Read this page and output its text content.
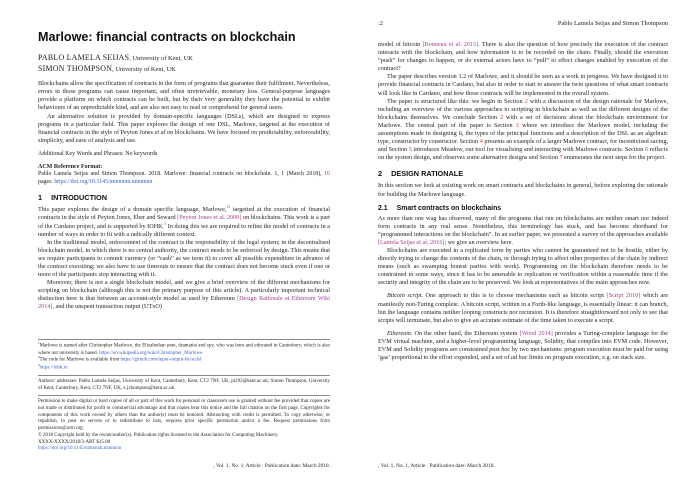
Marlowe: financial contracts on blockchain
PABLO LAMELA SEIJAS, University of Kent, UK
SIMON THOMPSON, University of Kent, UK

Blockchains allow the specification of contracts in the form of programs that guarantee their fulfilment. Nevertheless, errors in those programs can cause important, and often irretrievable, monetary loss. General-purpose languages provide a platform on which contracts can be built, but by their very generality they have the potential to exhibit behaviours of an unpredictable kind, and are also not easy to read or comprehend for general users.

An alternative solution is provided by domain-specific languages (DSLs), which are designed to express programs in a particular field. This paper explores the design of one DSL, Marlowe, targeted at the execution of financial contracts in the style of Peyton Jones et al on blockchains. We have focused on predictability, enforceability, simplicity, and ease of analysis and use.

Additional Key Words and Phrases: No keywords

ACM Reference Format:

Pablo Lamela Seijas and Simon Thompson. 2018. Marlowe: financial contracts on blockchain. 1, 1 (March 2018), 16 pages. https://doi.org/10.1145/nnnnnnn.nnnnnnn

1 INTRODUCTION

This paper explores the design of a domain specific language, Marlowe,$^{12}$ targetted at the execution of financial contracts in the style of Peyton Jones, Eber and Seward [Peyton Jones et al. 2000] on blockchains. This work is a part of the Cardano project, and is supported by IOHK.$^3$ In doing this we are required to refine the model of contracts in a number of ways in order to fit with a radically different context.

In the traditional model, enforcement of the contract is the responsibility of the legal system; in the decentralised blockchain model, in which there is no central authority, the contract needs to be enforced by design. This means that we require participants to commit currency (or “cash” as we term it) to cover all possible expenditure in advance of the contract executing; we also have to use timeouts to ensure that the contract does not become stuck even if one or more of the participants stop interacting with it.

Moreover, there is not a single blockchain model, and we give a brief overview of the different mechanisms for scripting on blockchain (although this is not the primary purpose of this article). A particularly important technical distinction here is that between an account-style model as used by Ethereum [Design Rationale at Ethereum Wiki 2014], and the unspent transaction output (UTxO)

$^1$Marlowe is named after Christopher Marlowe, the Elizabethan poet, dramatist and spy, who was born and educated in Canterbury, which is also where our university is based. https://en.wikipedia.org/wiki/Christopher_Marlowe

$^2$The code for Marlowe is available from https://github.com/input-output-hk/scdsl

$^3$https://iohk.io

Authors’ addresses: Pablo Lamela Seijas, University of Kent, Canterbury, Kent, CT2 7NF, UK, pl292@kent.ac.uk; Simon Thompson, University of Kent, Canterbury, Kent, CT2 7NF, UK, s.j.thompson@kent.ac.uk.

Permission to make digital or hard copies of all or part of this work for personal or classroom use is granted without fee provided that copies are not made or distributed for profit or commercial advantage and that copies bear this notice and the full citation on the first page. Copyrights for components of this work owned by others than the author(s) must be honored. Abstracting with credit is permitted. To copy otherwise, or republish, to post on servers or to redistribute to lists, requires prior specific permission and/or a fee. Request permissions from permissions@acm.org.

© 2018 Copyright held by the owner/author(s). Publication rights licensed to the Association for Computing Machinery.

XXXX-XXXX/2018/3-ART $15.00

https://doi.org/10.1145/nnnnnnn.nnnnnnn

, Vol. 1, No. 1, Article . Publication date: March 2018.
:2	Pablo Lamela Seijas and Simon Thompson

model of bitcoin [Bonneau et al. 2015]. There is also the question of how precisely the execution of the contract interacts with the blockchain, and how information is to be recorded on the chain. Finally, should the execution “push” for changes to happen, or do external actors have to “pull” to effect changes enabled by execution of the contract?

The paper describes version 1.2 of Marlowe, and it should be seen as a work in progress. We have designed it to provide financial contracts in Cardano, but also in order to start to answer the twin questions of what smart contracts will look like in Cardano, and how those contracts will be implemented in the overall system.

The paper is structured like this: we begin in Section 2 with a discussion of the design rationale for Marlowe, including an overview of the various approaches to scripting in blockchain as well as the different designs of the blockchains themselves. We conclude Section 2 with a set of decisions about the blockchain environment for Marlowe. The central part of the paper is Section 3 where we introduce the Marlowe model, including the assumptions made in designing it, the types of the principal functions and a description of the DSL as an algebraic type, constructor by constructor. Section 4 presents an example of a larger Marlowe contract, for incentivised saving, and Section 5 introduces Meadow, our tool for visualising and interacting with Marlowe contracts. Section 6 reflects on the system design, and observes some alternative designs and Section 7 enumerates the next steps for the project.

2 DESIGN RATIONALE

In this section we look at existing work on smart contracts and blockchains in general, before exploring the rationale for building the Marlowe language.

2.1 Smart contracts on blockchains

As more than one wag has observed, many of the programs that run on blockchains are neither smart nor indeed form contracts in any real sense. Nonetheless, this terminology has stuck, and has become shorthand for “programmed interactions on the blockchain”. In an earlier paper, we presented a survey of the approaches available [Lamela Seijas et al. 2016]; we give an overview here.

Blockchains are executed in a replicated form by parties who cannot be guaranteed not to be hostile, either by directly trying to change the contents of the chain, or through trying to affect other properties of the chain by indirect means (such as swamping honest parties with work). Programming on the blockchain therefore needs to be constrained in some ways, since it has to be amenable to replication or verification within a reasonable time if the security and integrity of the chain are to be preserved. We look at representatives of the main approaches now.

Bitcoin script. One approach to this is to choose mechanisms such as bitcoin script [Script 2010] which are manifestly non-Turing complete. A bitcoin script, written in a Forth-like language, is essentially linear: it can branch, but the language contains neither looping constructs nor recursion. It is therefore straightforward not only to see that scripts will terminate, but also to give an accurate estimate of the time taken to execute a script.

Ethereum. On the other hand, the Ethereum system [Wood 2014] provides a Turing-complete language for the EVM virtual machine, and a higher-level programming language, Solidity, that compiles into EVM code. However, EVM and Solidity programs are constrained post hoc by two mechanisms: program execution must be paid for using ‘gas’ proportional to the effort expended, and a set of ad hoc limits on program execution, e.g. on stack size.

, Vol. 1, No. 1, Article . Publication date: March 2018.
